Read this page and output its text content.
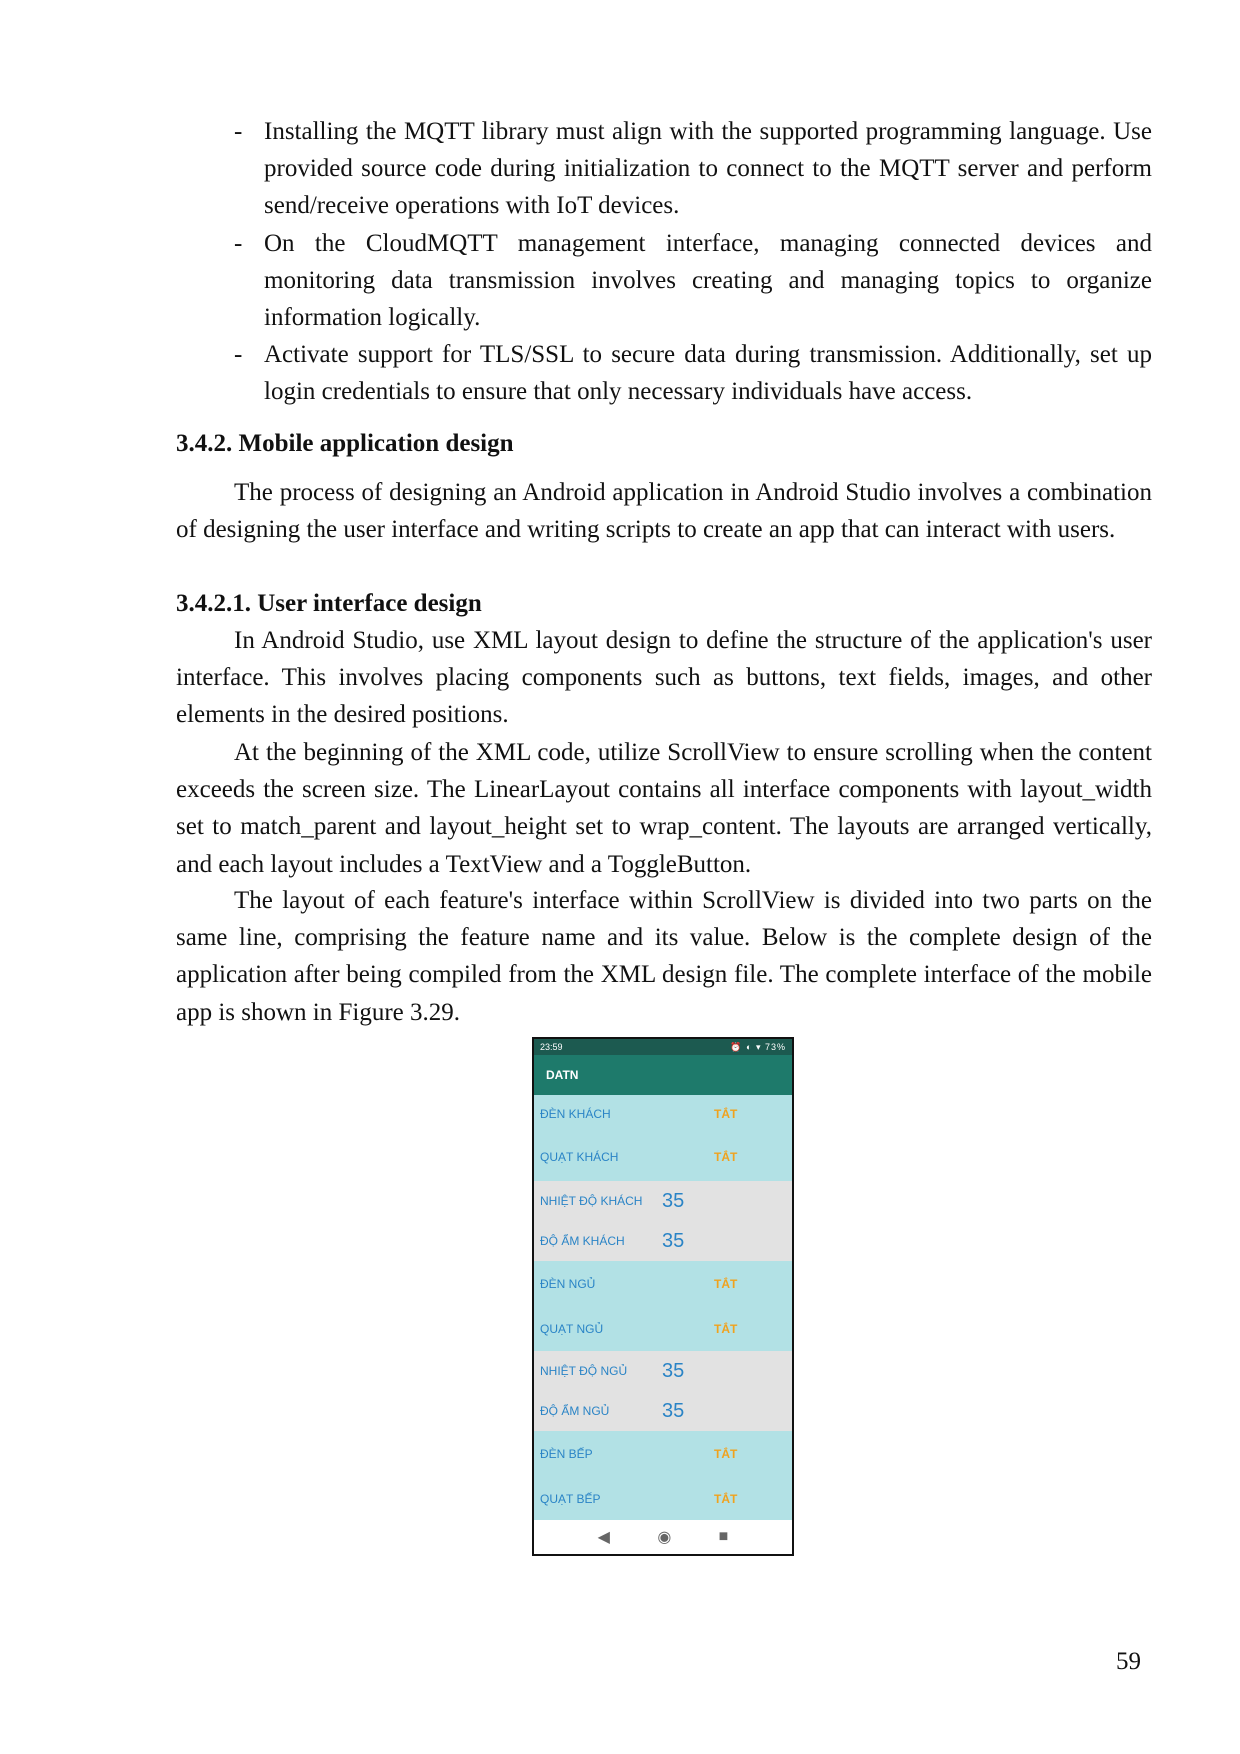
- Installing the MQTT library must align with the supported programming language. Use provided source code during initialization to connect to the MQTT server and perform send/receive operations with IoT devices.
- On the CloudMQTT management interface, managing connected devices and monitoring data transmission involves creating and managing topics to organize information logically.
- Activate support for TLS/SSL to secure data during transmission. Additionally, set up login credentials to ensure that only necessary individuals have access.
3.4.2. Mobile application design
The process of designing an Android application in Android Studio involves a combination of designing the user interface and writing scripts to create an app that can interact with users.
3.4.2.1. User interface design
In Android Studio, use XML layout design to define the structure of the application's user interface. This involves placing components such as buttons, text fields, images, and other elements in the desired positions.
At the beginning of the XML code, utilize ScrollView to ensure scrolling when the content exceeds the screen size. The LinearLayout contains all interface components with layout_width set to match_parent and layout_height set to wrap_content. The layouts are arranged vertically, and each layout includes a TextView and a ToggleButton.
The layout of each feature's interface within ScrollView is divided into two parts on the same line, comprising the feature name and its value. Below is the complete design of the application after being compiled from the XML design file. The complete interface of the mobile app is shown in Figure 3.29.
23:59	⏰ ◐ ▾ 73%
DATN
ĐÈN KHÁCH	TẮT
QUẠT KHÁCH	TẮT
NHIỆT ĐỘ KHÁCH 35
ĐỘ ẨM KHÁCH 35
ĐÈN NGỦ	TẮT
QUẠT NGỦ	TẮT
NHIỆT ĐỘ NGỦ 35
ĐỘ ẨM NGỦ	35
ĐÈN BẾP	TẮT
QUẠT BẾP	TẮT
◀	◉	■
59
